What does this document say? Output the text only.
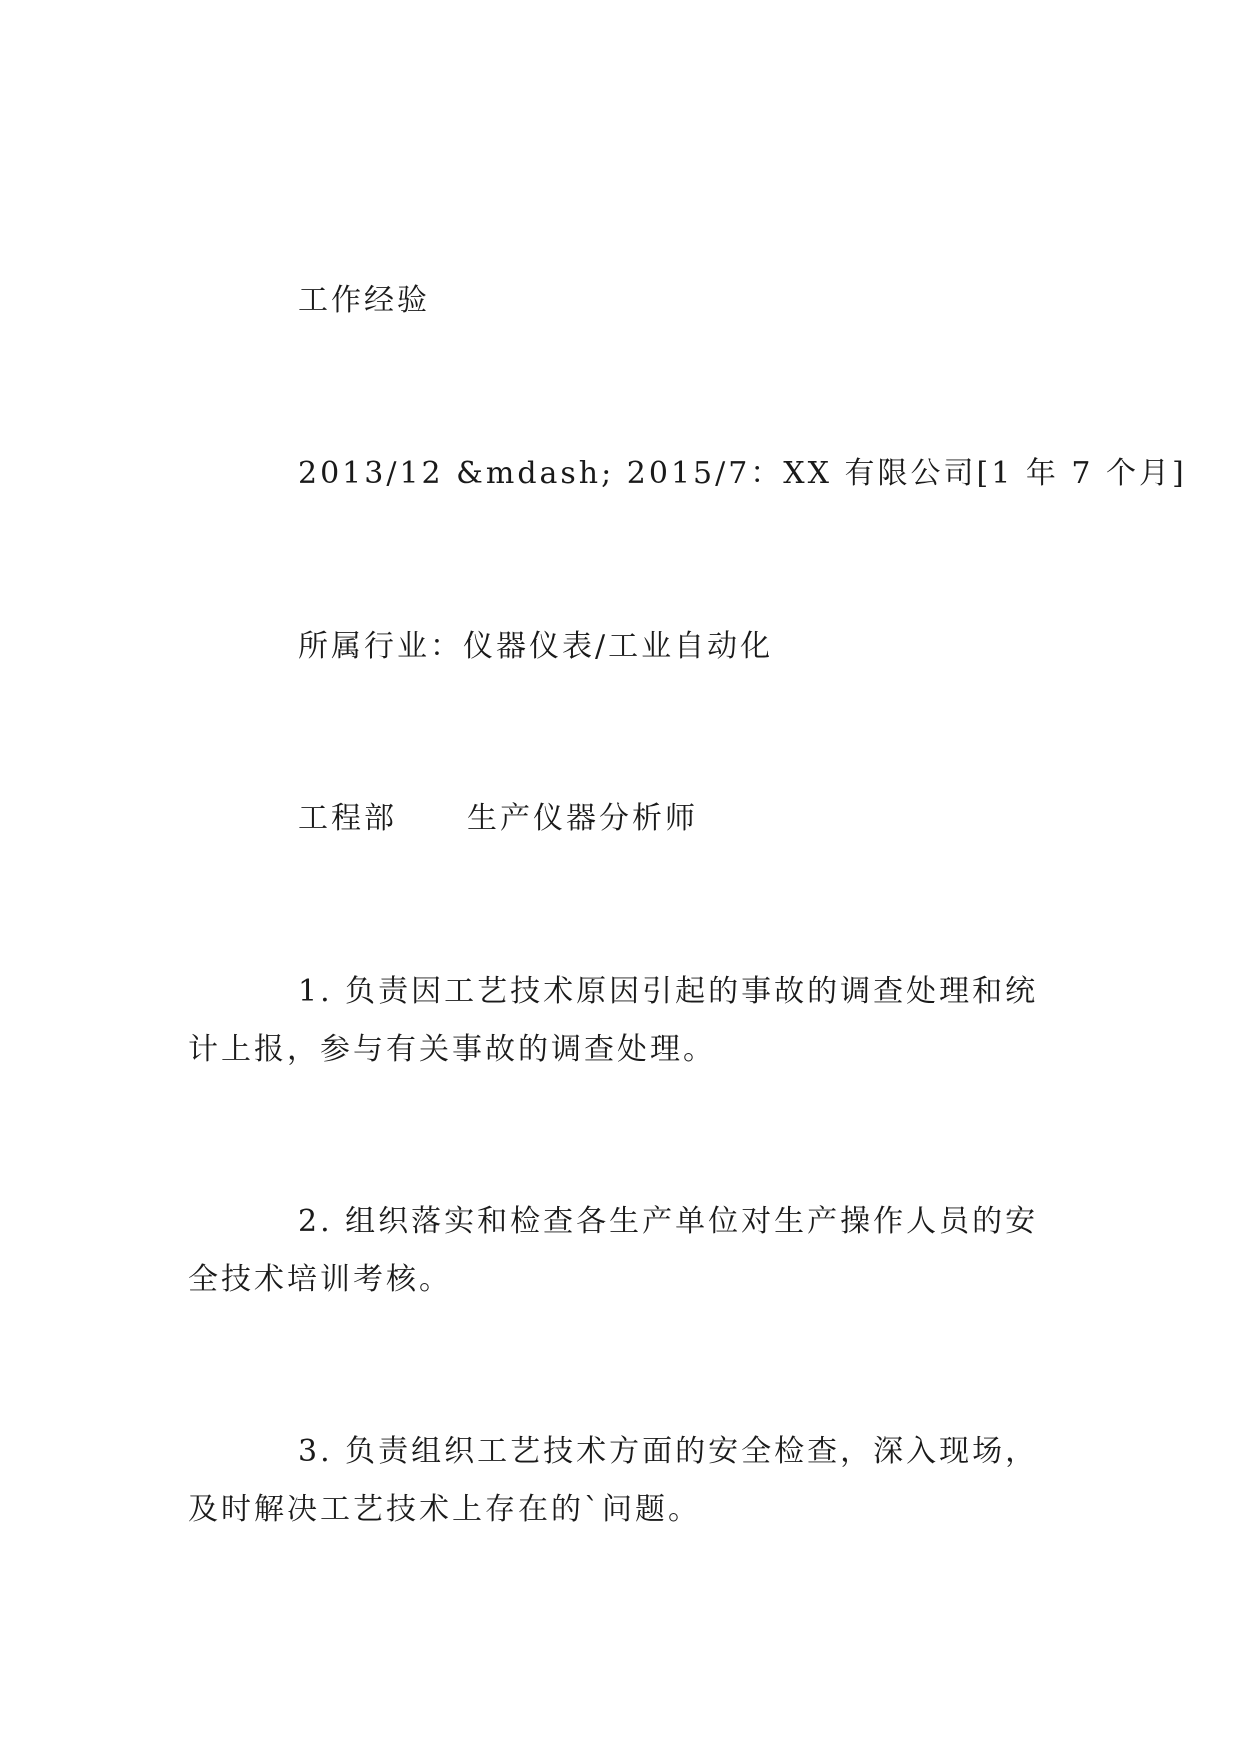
工作经验
2013/12 &mdash; 2015/7：XX 有限公司[1 年 7 个月]
所属行业：仪器仪表/工业自动化
工程部 生产仪器分析师
1. 负责因工艺技术原因引起的事故的调查处理和统
计上报，参与有关事故的调查处理。
2. 组织落实和检查各生产单位对生产操作人员的安
全技术培训考核。
3. 负责组织工艺技术方面的安全检查，深入现场，
及时解决工艺技术上存在的`问题。
